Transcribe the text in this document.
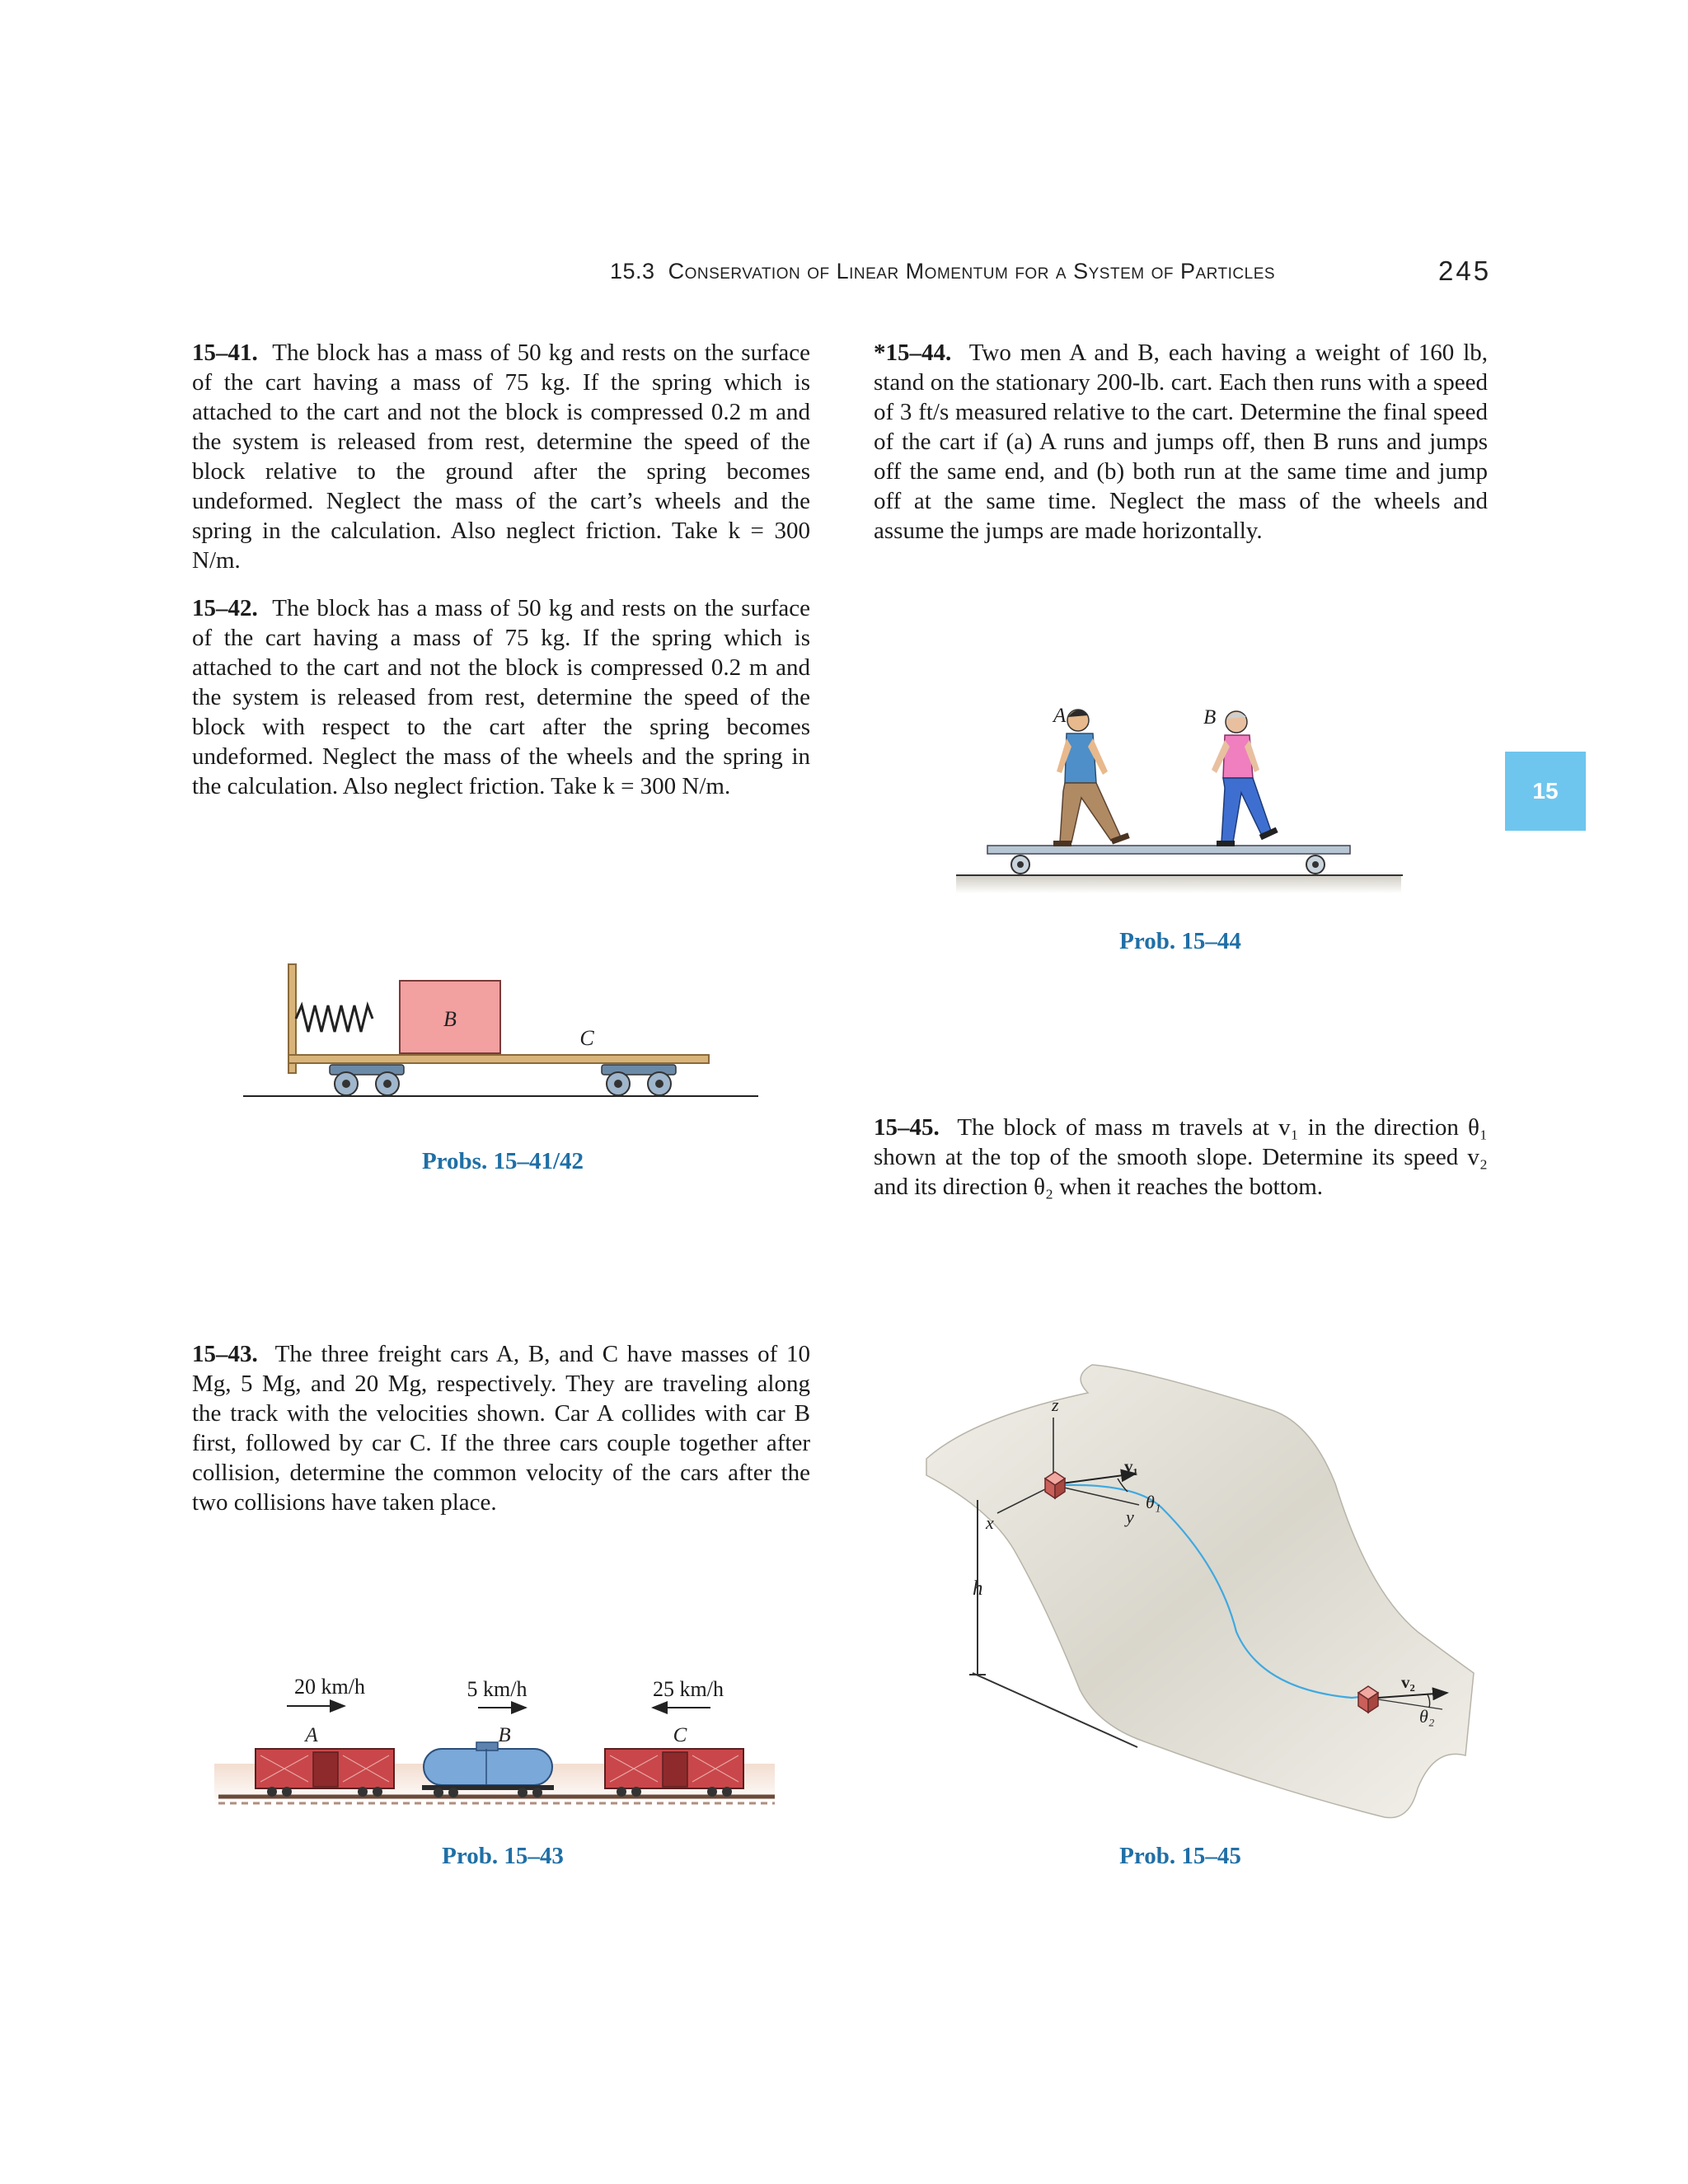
15.3 Conservation of Linear Momentum for a System of Particles	245
15
15–41. The block has a mass of 50 kg and rests on the surface of the cart having a mass of 75 kg. If the spring which is attached to the cart and not the block is compressed 0.2 m and the system is released from rest, determine the speed of the block relative to the ground after the spring becomes undeformed. Neglect the mass of the cart’s wheels and the spring in the calculation. Also neglect friction. Take k = 300 N/m.
15–42. The block has a mass of 50 kg and rests on the surface of the cart having a mass of 75 kg. If the spring which is attached to the cart and not the block is compressed 0.2 m and the system is released from rest, determine the speed of the block with respect to the cart after the spring becomes undeformed. Neglect the mass of the wheels and the spring in the calculation. Also neglect friction. Take k = 300 N/m.
*15–44. Two men A and B, each having a weight of 160 lb, stand on the stationary 200-lb. cart. Each then runs with a speed of 3 ft/s measured relative to the cart. Determine the final speed of the cart if (a) A runs and jumps off, then B runs and jumps off the same end, and (b) both run at the same time and jump off at the same time. Neglect the mass of the wheels and assume the jumps are made horizontally.
15–45. The block of mass m travels at v₁ in the direction θ₁ shown at the top of the smooth slope. Determine its speed v₂ and its direction θ₂ when it reaches the bottom.
15–43. The three freight cars A, B, and C have masses of 10 Mg, 5 Mg, and 20 Mg, respectively. They are traveling along the track with the velocities shown. Car A collides with car B first, followed by car C. If the three cars couple together after collision, determine the common velocity of the cars after the two collisions have taken place.
B
C
Probs. 15–41/42
A	B
Prob. 15–44
20 km/h	5 km/h	25 km/h
A	B	C
Prob. 15–43
h
z
x	y
v₁
θ₁
v₂
θ₂
Prob. 15–45
